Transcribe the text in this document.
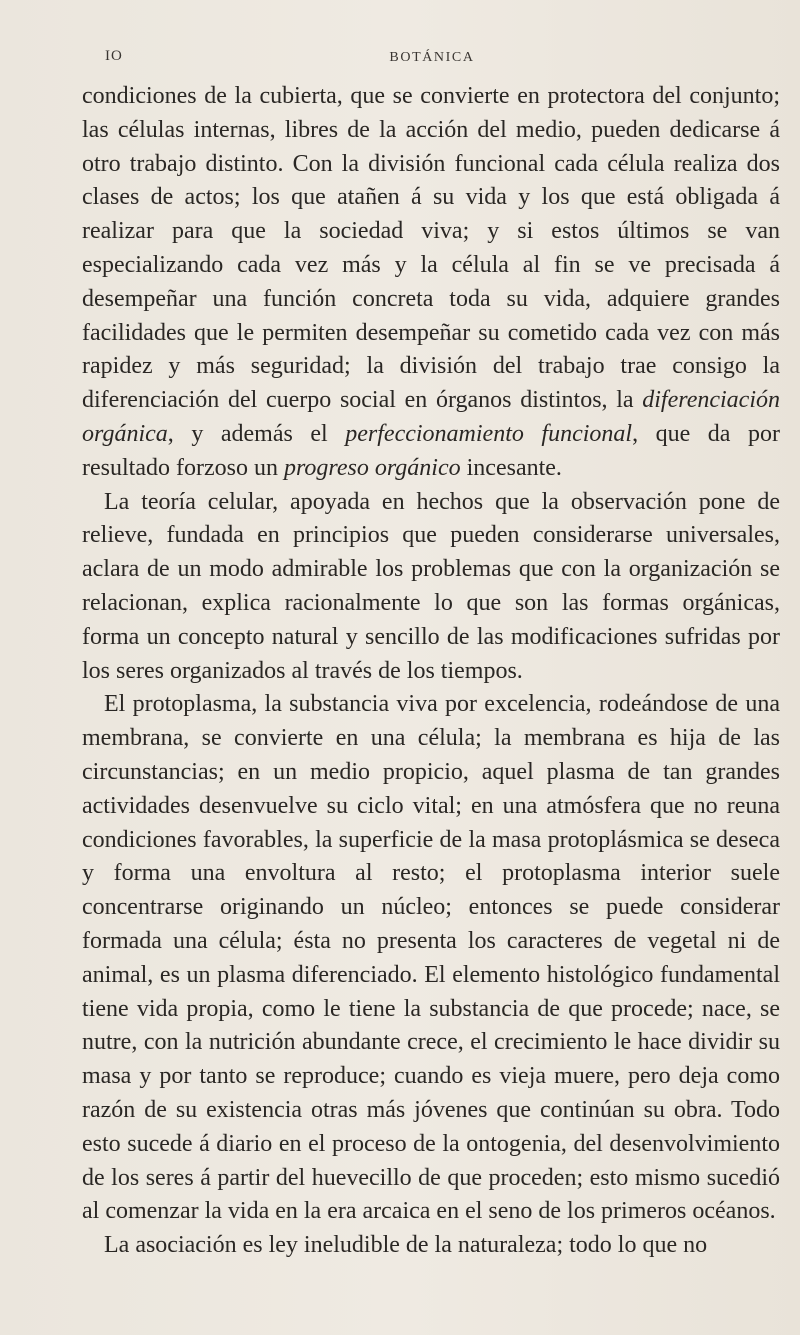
IO	BOTÁNICA

condiciones de la cubierta, que se convierte en protectora del conjunto; las células internas, libres de la acción del medio, pueden dedicarse á otro trabajo distinto. Con la división funcional cada célula realiza dos clases de actos; los que atañen á su vida y los que está obligada á realizar para que la sociedad viva; y si estos últimos se van especializando cada vez más y la célula al fin se ve precisada á desempeñar una función concreta toda su vida, adquiere grandes facilidades que le permiten desempeñar su cometido cada vez con más rapidez y más seguridad; la división del trabajo trae consigo la diferenciación del cuerpo social en órganos distintos, la diferenciación orgánica, y además el perfeccionamiento funcional, que da por resultado forzoso un progreso orgánico incesante.

La teoría celular, apoyada en hechos que la observación pone de relieve, fundada en principios que pueden considerarse universales, aclara de un modo admirable los problemas que con la organización se relacionan, explica racionalmente lo que son las formas orgánicas, forma un concepto natural y sencillo de las modificaciones sufridas por los seres organizados al través de los tiempos.

El protoplasma, la substancia viva por excelencia, rodeándose de una membrana, se convierte en una célula; la membrana es hija de las circunstancias; en un medio propicio, aquel plasma de tan grandes actividades desenvuelve su ciclo vital; en una atmósfera que no reuna condiciones favorables, la superficie de la masa protoplásmica se deseca y forma una envoltura al resto; el protoplasma interior suele concentrarse originando un núcleo; entonces se puede considerar formada una célula; ésta no presenta los caracteres de vegetal ni de animal, es un plasma diferenciado. El elemento histológico fundamental tiene vida propia, como le tiene la substancia de que procede; nace, se nutre, con la nutrición abundante crece, el crecimiento le hace dividir su masa y por tanto se reproduce; cuando es vieja muere, pero deja como razón de su existencia otras más jóvenes que continúan su obra. Todo esto sucede á diario en el proceso de la ontogenia, del desenvolvimiento de los seres á partir del huevecillo de que proceden; esto mismo sucedió al comenzar la vida en la era arcaica en el seno de los primeros océanos.

La asociación es ley ineludible de la naturaleza; todo lo que no
